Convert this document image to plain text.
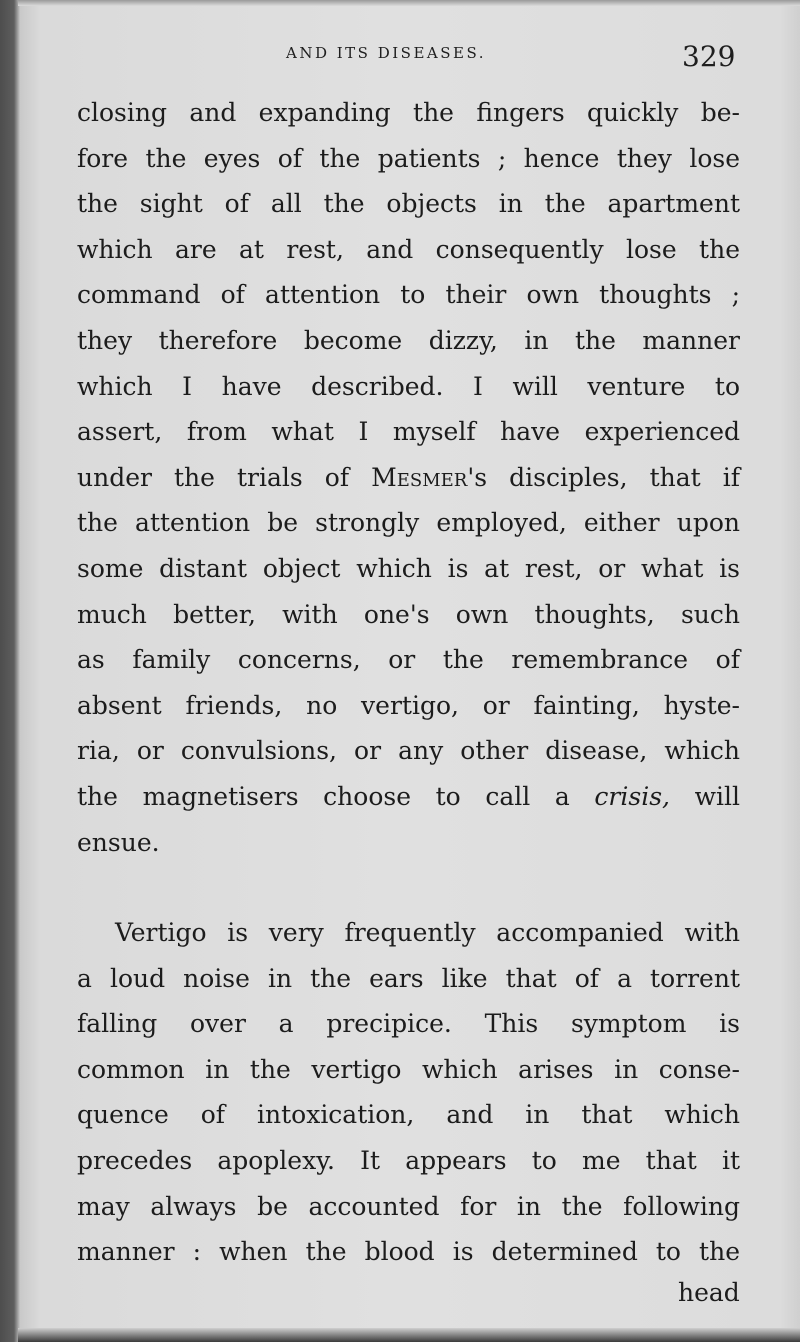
AND ITS DISEASES.	329
closing and expanding the fingers quickly be-
fore the eyes of the patients ; hence they lose
the sight of all the objects in the apartment
which are at rest, and consequently lose the
command of attention to their own thoughts ;
they therefore become dizzy, in the manner
which I have described. I will venture to
assert, from what I myself have experienced
under the trials of Mesmer's disciples, that if
the attention be strongly employed, either upon
some distant object which is at rest, or what is
much better, with one's own thoughts, such
as family concerns, or the remembrance of
absent friends, no vertigo, or fainting, hyste-
ria, or convulsions, or any other disease, which
the magnetisers choose to call a crisis, will
ensue.
Vertigo is very frequently accompanied with
a loud noise in the ears like that of a torrent
falling over a precipice. This symptom is
common in the vertigo which arises in conse-
quence of intoxication, and in that which
precedes apoplexy. It appears to me that it
may always be accounted for in the following
manner : when the blood is determined to the
head
